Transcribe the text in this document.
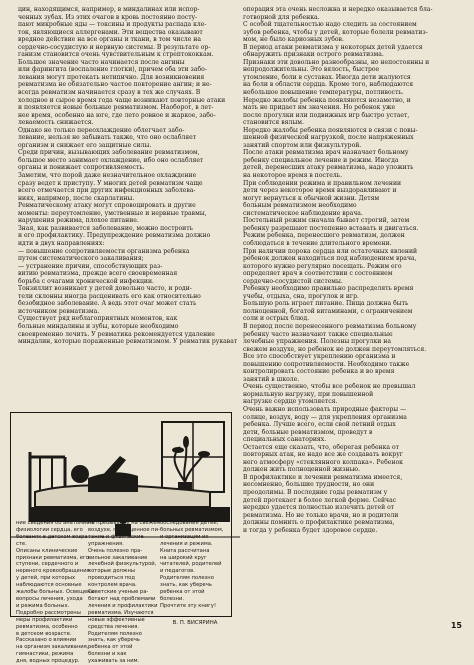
цин, находящимся, например, в миндалинах или испор-
ченных зубах. Из этих очагов в кровь постоянно посту-
пают микробные яды — токсины и продукты распада кле-
ток, являющиеся аллергенами. Эти вещества оказывают
вредное действие на все органы и ткани, в том числе на
сердечно-сосудистую и нервную системы. В результате ор-
ганизм становится очень чувствительным к стрептококкам.
Большое значение часто начинается после ангины
или фарингита (воспаление глотки), причем оба эти забо-
левания могут протекать нетипично. Для возникновения
ревматизма не обязательно частое повторение ангин; и не-
всегда ревматизм начинается сразу в тех же случаях. В
холодное и сырое время года чаще возникают повторные атаки
и появляется новые больные ревматизмом. Наоборот, в лет-
нее время, особенно на юге, где лето ровное и жаркое, забо-
леваемость снижается.
Однако не только переохлаждение облегчает забо-
левание, нельзя не забывать также, что оно ослабляет
организм и снижает его защитные силы.
Среди причин, вызывающих заболевание ревматизмом,
большое место занимает охлаждение, ибо оно ослабляет
органы и понижает сопротивляемость.
Заметим, что порой даже незначительное охлаждение
сразу ведет к приступу. У многих детей ревматизм чаще
всего отмечается при других инфекционных заболева-
ниях, например, после скарлатины.
Ревматическому атаку могут спровоцировать и другие
моменты: переутомление, умственные и нервные травмы,
нарушения режима, плохое питание.
Зная, как развивается заболевание, можно построить
и его профилактику. Предупреждение ревматизма должно
идти в двух направлениях:
— повышение сопротивляемости организма ребенка
путем систематического закаливания;
— устранение причин, способствующих раз-
витию ревматизма, прежде всего своевременная
борьба с очагами хронической инфекции.
Тонзиллит возникает у детей довольно часто, и роди-
тели склонны иногда расценивать его как относительно
безобидное заболевание. А ведь этот очаг может стать
источником ревматизма.
Существует ряд неблагоприятных моментов, как
больные миндалины и зубы, которые необходимо
своевременно лечить. У ревматика рекомендуется удаление
миндалин, которые пораженные ревматизмом. У ревматик рукават
операция эта очень несложна и нередко оказывается бла-
готворной для ребенка.
С особой тщательностью надо следить за состоянием
зубов ребенка, чтобы у детей, которые болели ревматиз-
мом, не было кариозных зубов.
В период атаки ревматизма у некоторых детей удается
обнаружить признаки острого ревматизма.
Признаки эти довольно разнообразны, но непостоянны и
непродолжительны. Это вялость, быстрое
утомление, боли в суставах. Иногда дети жалуются
на боли в области сердца. Кроме того, наблюдаются
небольшое повышение температуры, потливость.
Нередко жалобы ребенка появляются незаметно, и
мать не придает им значения. Но ребенок уже
после прогулки или подвижных игр быстро устает,
становится вялым.
Нередко жалобы ребенка появляются в связи с повы-
шенной физической нагрузкой, после напряженных
занятий спортом или физкультурой.
После атаки ревматизма врач назначает больному
ребенку специальное лечение и режим. Иногда
детей, перенесших атаку ревматизма, надо уложить
на некоторое время в постель.
При соблюдении режима и правильном лечении
дети через некоторое время выздоравливают и
могут вернуться к обычной жизни. Детям
больным ревматизмом необходимо
систематическое наблюдение врача.
Постельный режим сначала бывает строгий, затем
ребенку разрешают постепенно вставать и двигаться.
Режим ребенка, перенесшего ревматизм, должен
соблюдаться в течение длительного времени.
При наличии порока сердца или остаточных явлений
ребенок должен находиться под наблюдением врача,
которого нужно регулярно посещать. Режим его
определяет врач в соответствии с состоянием
сердечно-сосудистой системы.
Ребенку необходимо правильно распределять время
учебы, отдыха, сна, прогулок и игр.
Большую роль играет питание. Пища должна быть
полноценной, богатой витаминами, с ограничением
соли и острых блюд.
В период после перенесенного ревматизма больному
ребенку часто назначают также специальные
лечебные упражнения. Полезны прогулки на
свежем воздухе, но ребенок не должен переутомляться.
Все это способствует укреплению организма и
повышению сопротивляемости. Необходимо также
контролировать состояние ребенка и во время
занятий в школе.
Очень существенно, чтобы все ребенок не превышал
нормальную нагрузку, при повышенной
нагрузке сердце утомляется.
Очень важно использовать природные факторы —
солнце, воздух, воду — для укрепления организма
ребенка. Лучше всего, если свой летний отдых
дети, больные ревматизмом, проведут в
специальных санаториях.
Остается еще сказать, что, оберегая ребенка от
повторных атак, не надо все же создавать вокруг
него атмосферу «стеклянного колпака». Ребенок
должен жить полноценной жизнью.
В профилактике и лечении ревматизма имеется,
несомненно, большие трудности, но они
преодолимы. В последние годы ревматизм у
детей протекает в более легкой форме. Сейчас
нередко удается полностью излечить детей от
ревматизма. Но не только врачи, но и родители
должны помнить о профилактике ревматизма,
и тогда у ребенка будет здоровое сердце.
ние сведения об анатомии и
физиологии сердца, его
болезнях в детском возра-
сте.
Описаны клинические
признаки ревматизма, его
ступени, сердечного и
нервного кровообращения
у детей, при которых
наблюдаются основные
жалобы больных. Освещены
вопросы лечения, ухода
и режима больных.
Подробно рассмотрены
меры профилактики
ревматизма, особенно
в детском возрасте.
Рассказано о влиянии
на организм закаливания,
гимнастики, режима
дня, водных процедур.
не пребывание на свежем
воздухе, полноценное пи-
тание и физические
упражнения.
Очень полезно пра-
вильное закаливание
лечебной физкультурой,
которые должны
проводиться под
контролем врача.
Советские ученые ра-
ботают над проблемами
лечения и профилактики
ревматизма. Изучаются
новые эффективные
средства лечения.
Родителям полезно
знать, как уберечь
ребенка от этой
болезни и как
ухаживать за ним.
обследования детей,
больных ревматизмом,
и организации их
лечения и режима.
Книга рассчитана
на широкий круг
читателей, родителей
и педагогов.
Родителям полезно
знать, как уберечь
ребенка от этой
болезни.
Прочтите эту книгу!
В. П. ВИСЯРИНА	15
